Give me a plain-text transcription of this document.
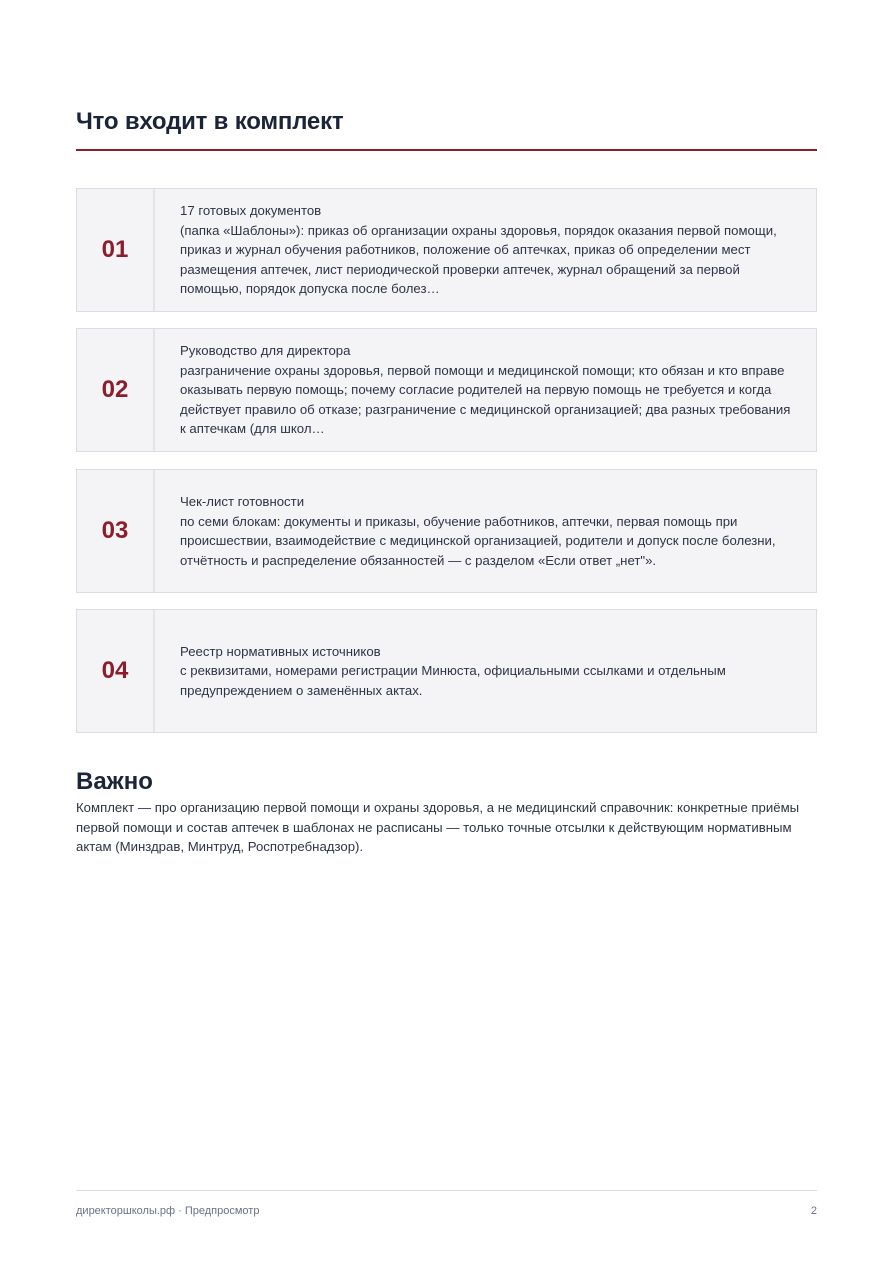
Что входит в комплект
01
17 готовых документов
(папка «Шаблоны»): приказ об организации охраны здоровья, порядок оказания первой помощи, приказ и журнал обучения работников, положение об аптечках, приказ об определении мест размещения аптечек, лист периодической проверки аптечек, журнал обращений за первой помощью, порядок допуска после болез…
02
Руководство для директора
разграничение охраны здоровья, первой помощи и медицинской помощи; кто обязан и кто вправе оказывать первую помощь; почему согласие родителей на первую помощь не требуется и когда действует правило об отказе; разграничение с медицинской организацией; два разных требования к аптечкам (для школ…
03
Чек-лист готовности
по семи блокам: документы и приказы, обучение работников, аптечки, первая помощь при происшествии, взаимодействие с медицинской организацией, родители и допуск после болезни, отчётность и распределение обязанностей — с разделом «Если ответ „нет"».
04
Реестр нормативных источников
с реквизитами, номерами регистрации Минюста, официальными ссылками и отдельным предупреждением о заменённых актах.
Важно

Комплект — про организацию первой помощи и охраны здоровья, а не медицинский справочник: конкретные приёмы первой помощи и состав аптечек в шаблонах не расписаны — только точные отсылки к действующим нормативным актам (Минздрав, Минтруд, Роспотребнадзор).

директоршколы.рф · Предпросмотр	2
